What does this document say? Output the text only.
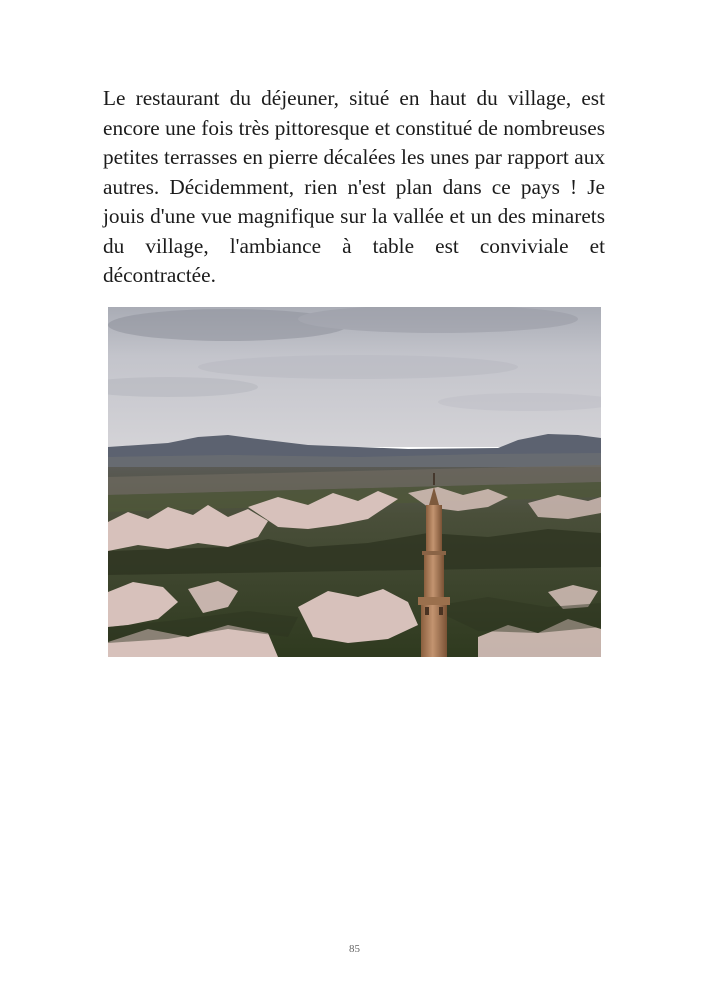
Le restaurant du déjeuner, situé en haut du village, est encore une fois très pittoresque et constitué de nombreuses petites terrasses en pierre décalées les unes par rapport aux autres. Décidemment, rien n'est plan dans ce pays ! Je jouis d'une vue magnifique sur la vallée et un des minarets du village, l'ambiance à table est conviviale et décontractée.

85
